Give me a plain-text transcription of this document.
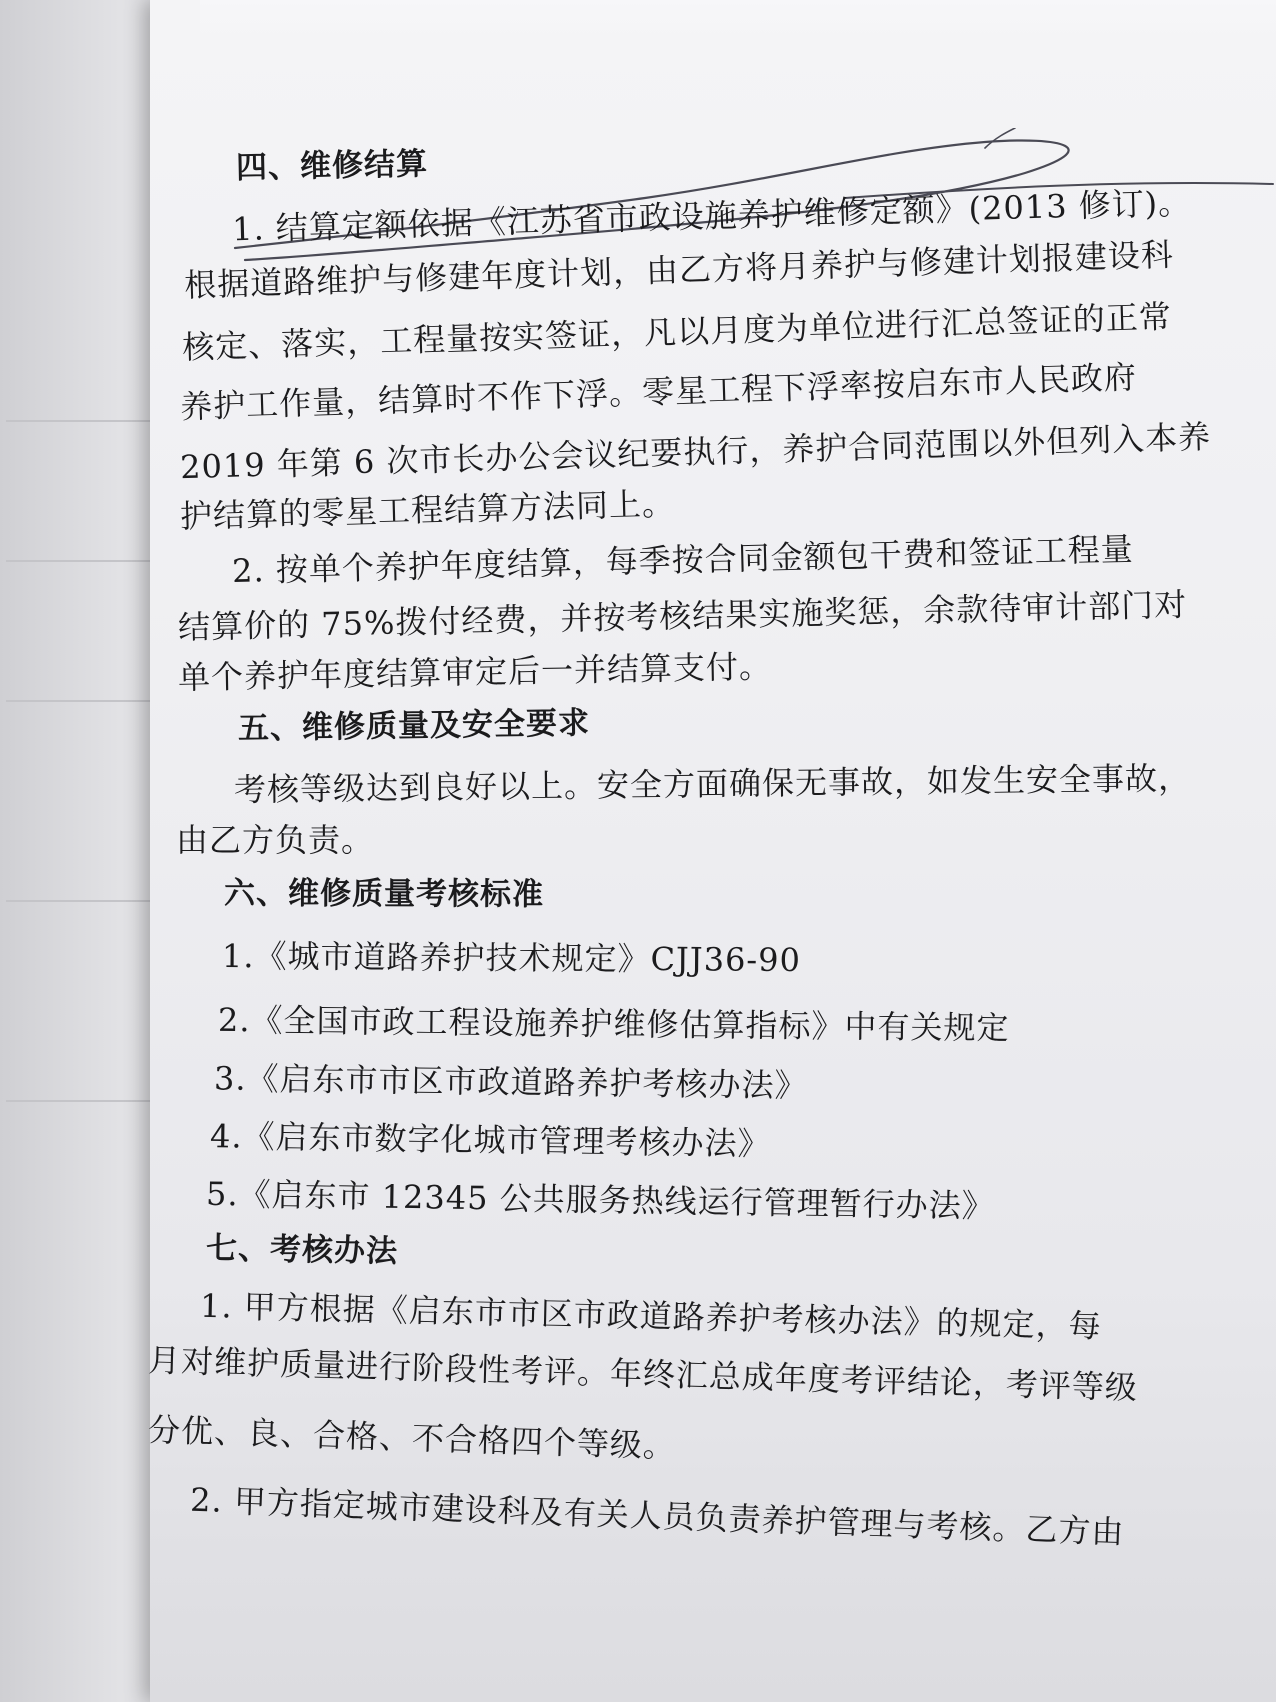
四、维修结算
1. 结算定额依据《江苏省市政设施养护维修定额》(2013 修订)。
根据道路维护与修建年度计划，由乙方将月养护与修建计划报建设科
核定、落实，工程量按实签证，凡以月度为单位进行汇总签证的正常
养护工作量，结算时不作下浮。零星工程下浮率按启东市人民政府
2019 年第 6 次市长办公会议纪要执行，养护合同范围以外但列入本养
护结算的零星工程结算方法同上。
2. 按单个养护年度结算，每季按合同金额包干费和签证工程量
结算价的 75%拨付经费，并按考核结果实施奖惩，余款待审计部门对
单个养护年度结算审定后一并结算支付。
五、维修质量及安全要求
考核等级达到良好以上。安全方面确保无事故，如发生安全事故，
由乙方负责。
六、维修质量考核标准
1.《城市道路养护技术规定》CJJ36-90
2.《全国市政工程设施养护维修估算指标》中有关规定
3.《启东市市区市政道路养护考核办法》
4.《启东市数字化城市管理考核办法》
5.《启东市 12345 公共服务热线运行管理暂行办法》
七、考核办法
1. 甲方根据《启东市市区市政道路养护考核办法》的规定，每
月对维护质量进行阶段性考评。年终汇总成年度考评结论，考评等级
分优、良、合格、不合格四个等级。
2. 甲方指定城市建设科及有关人员负责养护管理与考核。乙方由
